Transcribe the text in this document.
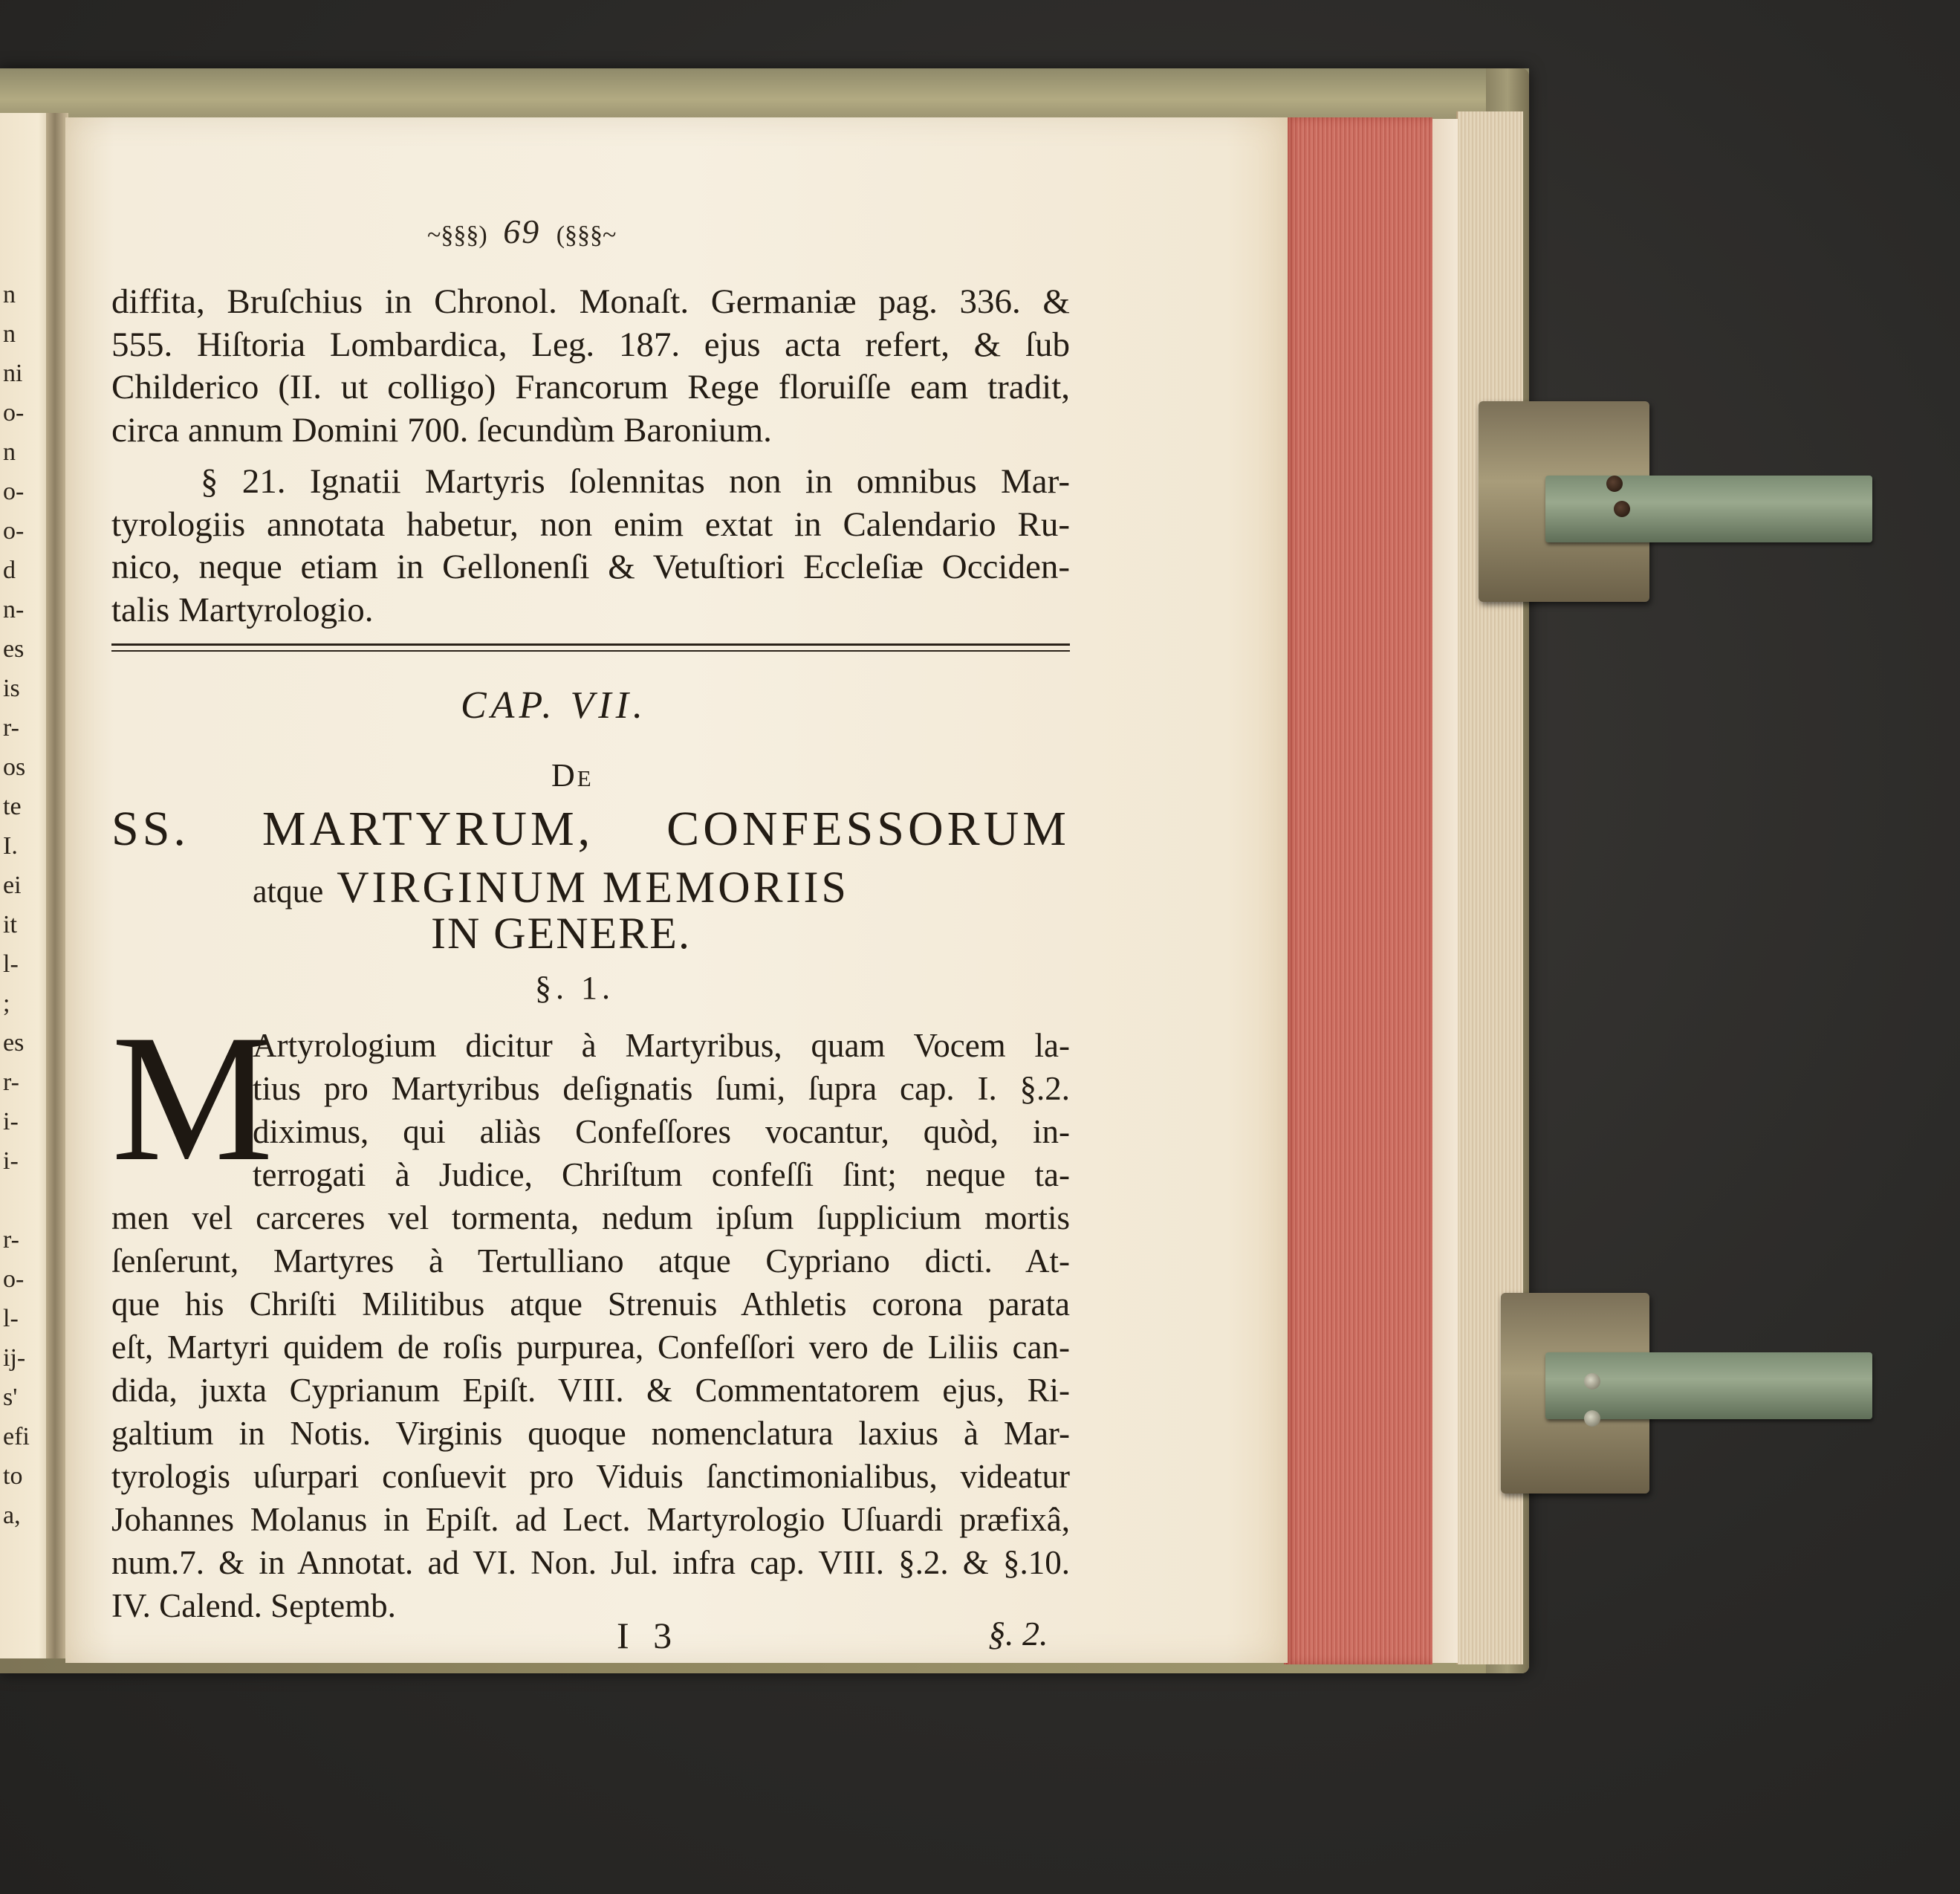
n
n
ni
o-
n
o-
o-
d
n-
es
is
r-
os
te
I.
ei
it
l-
;
es
r-
i-
i-
r-
o-
l-
ij-
s'
efi
to
a,
~§§§) 69 (§§§~
diffita, Bruſchius in Chronol. Monaſt. Germaniæ pag. 336. &
555. Hiſtoria Lombardica, Leg. 187. ejus acta refert, & ſub
Childerico (II. ut colligo) Francorum Rege floruiſſe eam tradit,
circa annum Domini 700. ſecundùm Baronium.
§ 21. Ignatii Martyris ſolennitas non in omnibus Mar-
tyrologiis annotata habetur, non enim extat in Calendario Ru-
nico, neque etiam in Gellonenſi & Vetuſtiori Eccleſiæ Occiden-
talis Martyrologio.
CAP. VII.
De
SS. MARTYRUM, CONFESSORUM
atque VIRGINUM MEMORIIS
IN GENERE.
§. 1.
M
Artyrologium dicitur à Martyribus, quam Vocem la-
tius pro Martyribus deſignatis ſumi, ſupra cap. I. §.2.
diximus, qui aliàs Confeſſores vocantur, quòd, in-
terrogati à Judice, Chriſtum confeſſi ſint; neque ta-
men vel carceres vel tormenta, nedum ipſum ſupplicium mortis
ſenſerunt, Martyres à Tertulliano atque Cypriano dicti. At-
que his Chriſti Militibus atque Strenuis Athletis corona parata
eſt, Martyri quidem de roſis purpurea, Confeſſori vero de Liliis can-
dida, juxta Cyprianum Epiſt. VIII. & Commentatorem ejus, Ri-
galtium in Notis. Virginis quoque nomenclatura laxius à Mar-
tyrologis uſurpari conſuevit pro Viduis ſanctimonialibus, videatur
Johannes Molanus in Epiſt. ad Lect. Martyrologio Uſuardi præfixâ,
num.7. & in Annotat. ad VI. Non. Jul. infra cap. VIII. §.2. & §.10.
IV. Calend. Septemb.
I 3	§. 2.
